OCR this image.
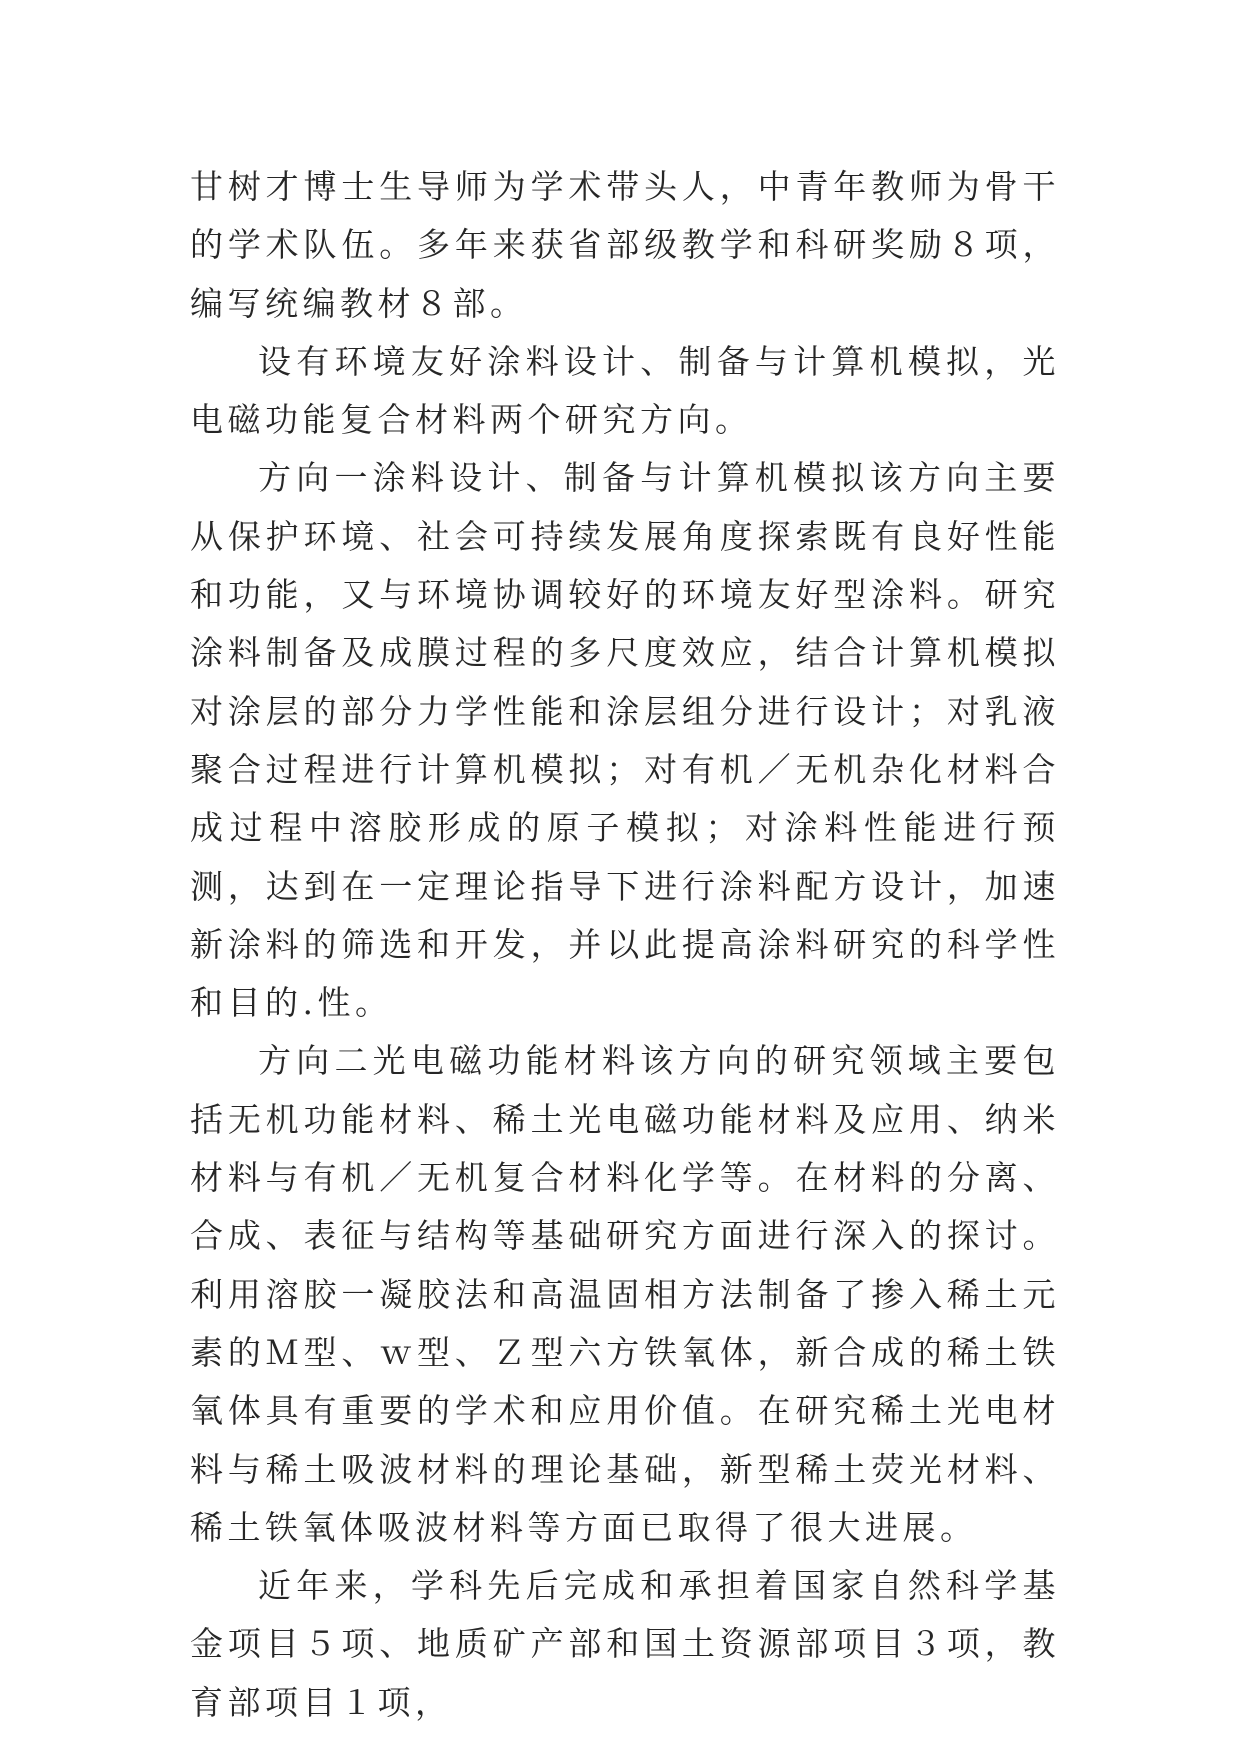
甘树才博士生导师为学术带头人，中青年教师为骨干的学术队伍。多年来获省部级教学和科研奖励８项，编写统编教材８部。

设有环境友好涂料设计、制备与计算机模拟，光电磁功能复合材料两个研究方向。

方向一涂料设计、制备与计算机模拟该方向主要从保护环境、社会可持续发展角度探索既有良好性能和功能，又与环境协调较好的环境友好型涂料。研究涂料制备及成膜过程的多尺度效应，结合计算机模拟对涂层的部分力学性能和涂层组分进行设计；对乳液聚合过程进行计算机模拟；对有机／无机杂化材料合成过程中溶胶形成的原子模拟；对涂料性能进行预测，达到在一定理论指导下进行涂料配方设计，加速新涂料的筛选和开发，并以此提高涂料研究的科学性和目的.性。

方向二光电磁功能材料该方向的研究领域主要包括无机功能材料、稀土光电磁功能材料及应用、纳米材料与有机／无机复合材料化学等。在材料的分离、合成、表征与结构等基础研究方面进行深入的探讨。利用溶胶一凝胶法和高温固相方法制备了掺入稀土元素的Ｍ型、ｗ型、Ｚ型六方铁氧体，新合成的稀土铁氧体具有重要的学术和应用价值。在研究稀土光电材料与稀土吸波材料的理论基础，新型稀土荧光材料、稀土铁氧体吸波材料等方面已取得了很大进展。

近年来，学科先后完成和承担着国家自然科学基金项目５项、地质矿产部和国土资源部项目３项，教育部项目１项，
